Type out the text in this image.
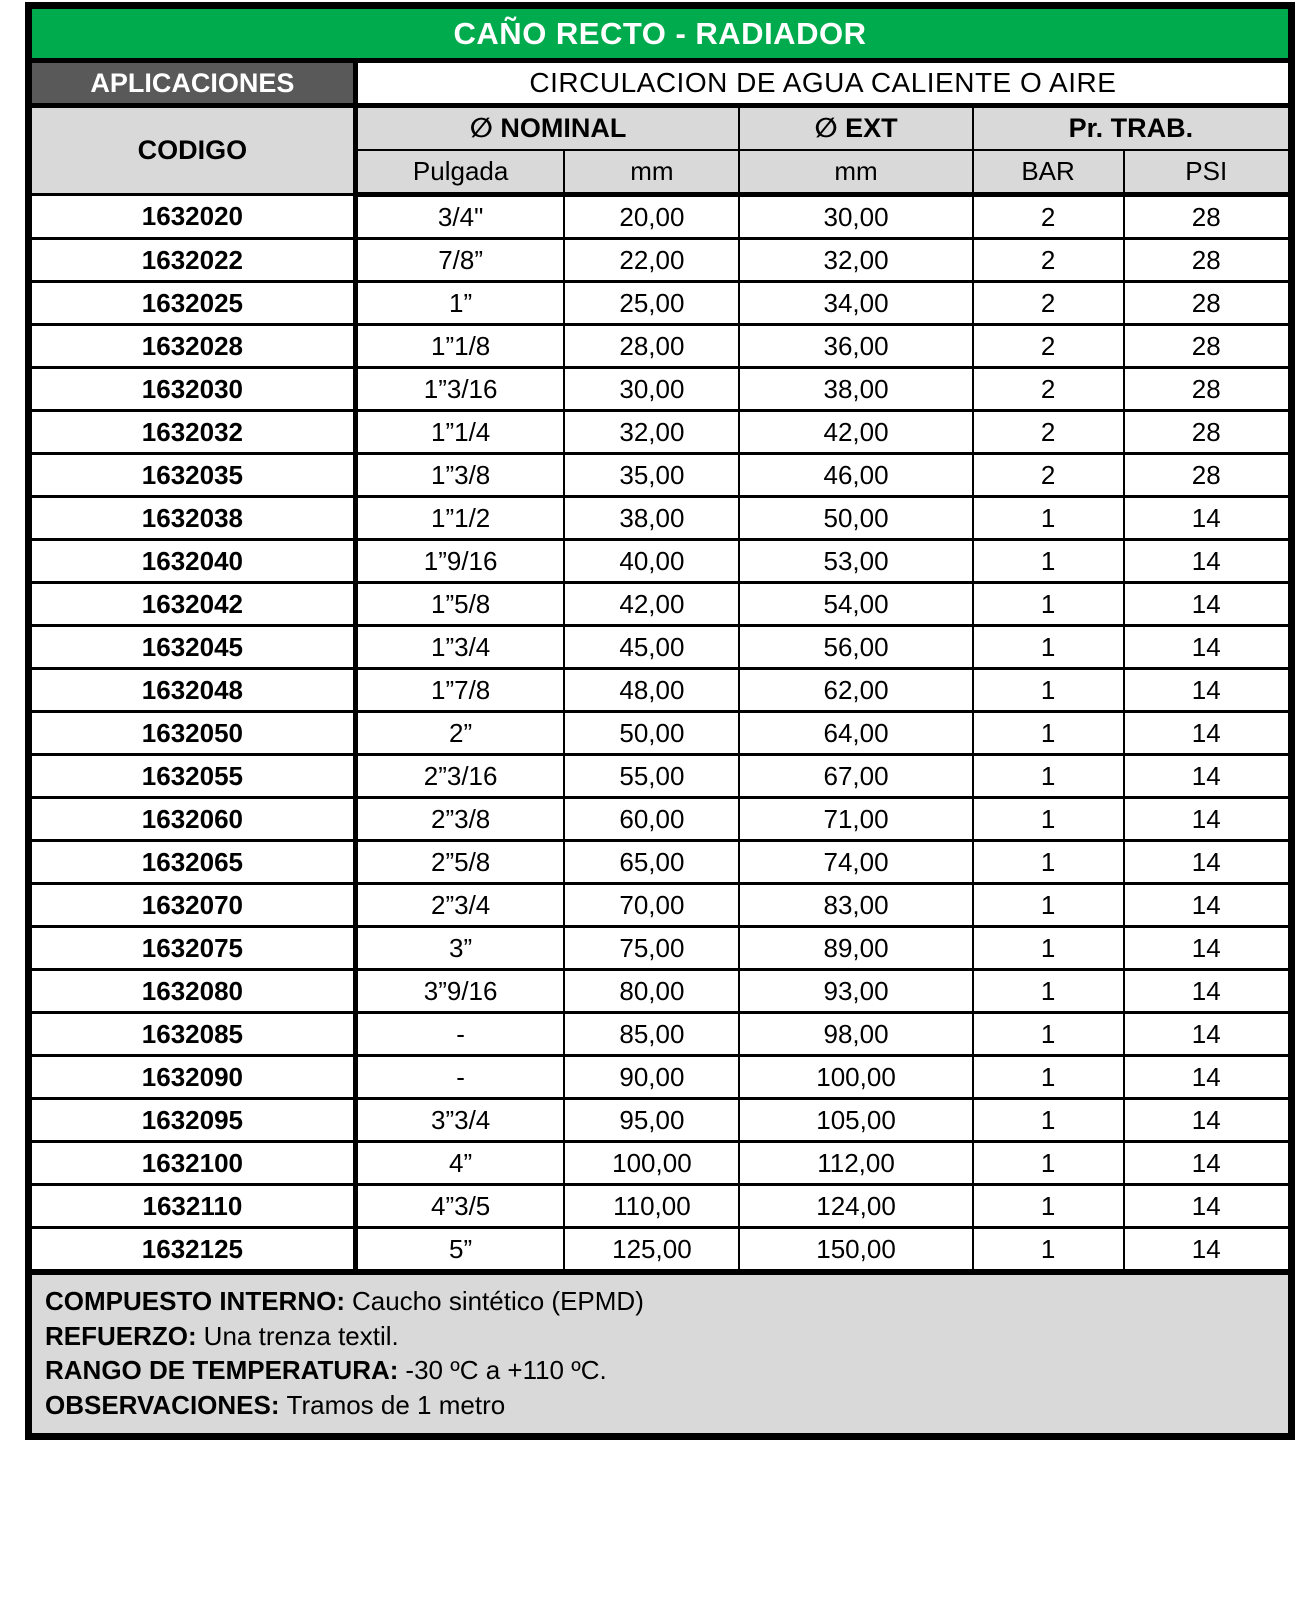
CAÑO RECTO - RADIADOR					
APLICACIONES	CIRCULACION DE AGUA CALIENTE O AIRE				
CODIGO	∅ NOMINAL		∅ EXT	Pr. TRAB.	
	Pulgada	mm	mm	BAR	PSI
1632020	3/4"	20,00	30,00	2	28
1632022	7/8”	22,00	32,00	2	28
1632025	1”	25,00	34,00	2	28
1632028	1”1/8	28,00	36,00	2	28
1632030	1”3/16	30,00	38,00	2	28
1632032	1”1/4	32,00	42,00	2	28
1632035	1”3/8	35,00	46,00	2	28
1632038	1”1/2	38,00	50,00	1	14
1632040	1”9/16	40,00	53,00	1	14
1632042	1”5/8	42,00	54,00	1	14
1632045	1”3/4	45,00	56,00	1	14
1632048	1”7/8	48,00	62,00	1	14
1632050	2”	50,00	64,00	1	14
1632055	2”3/16	55,00	67,00	1	14
1632060	2”3/8	60,00	71,00	1	14
1632065	2”5/8	65,00	74,00	1	14
1632070	2”3/4	70,00	83,00	1	14
1632075	3”	75,00	89,00	1	14
1632080	3”9/16	80,00	93,00	1	14
1632085	-	85,00	98,00	1	14
1632090	-	90,00	100,00	1	14
1632095	3”3/4	95,00	105,00	1	14
1632100	4”	100,00	112,00	1	14
1632110	4”3/5	110,00	124,00	1	14
1632125	5”	125,00	150,00	1	14

COMPUESTO INTERNO: Caucho sintético (EPMD)
REFUERZO: Una trenza textil.
RANGO DE TEMPERATURA: -30 ºC a +110 ºC.
OBSERVACIONES: Tramos de 1 metro					
